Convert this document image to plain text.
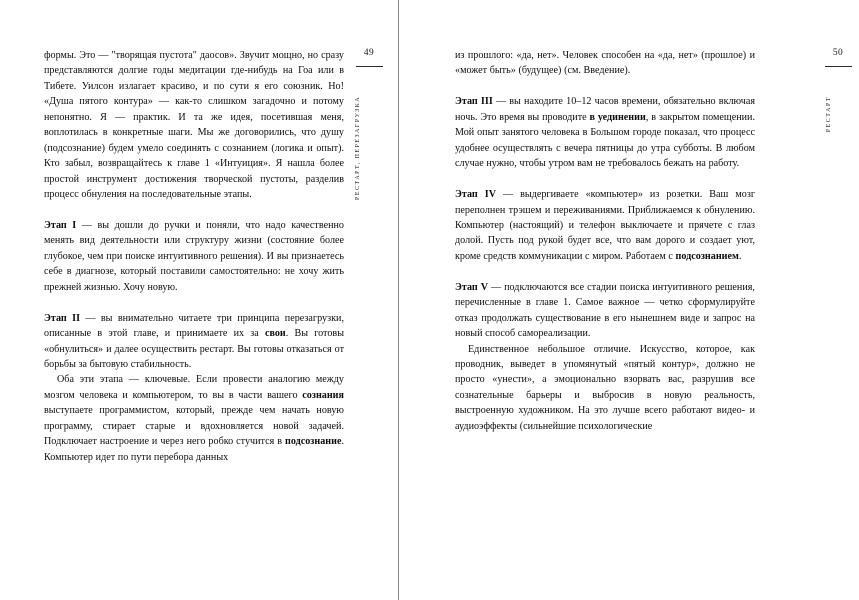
49
РЕСТАРТ, ПЕРЕЗАГРУЗКА

формы. Это — "творящая пустота" даосов». Звучит мощно, но сразу представляются долгие годы медитации где-нибудь на Гоа или в Тибете. Уилсон излагает красиво, и по сути я его союзник. Но! «Душа пятого контура» — как-то слишком загадочно и потому непонятно. Я — практик. И та же идея, посетившая меня, воплотилась в конкретные шаги. Мы же договорились, что душу (подсознание) будем умело соединять с сознанием (логика и опыт). Кто забыл, возвращайтесь к главе 1 «Интуиция». Я нашла более простой инструмент достижения творческой пустоты, разделив процесс обнуления на последовательные этапы.

Этап I — вы дошли до ручки и поняли, что надо качественно менять вид деятельности или структуру жизни (состояние более глубокое, чем при поиске интуитивного решения). И вы признаетесь себе в диагнозе, который поставили самостоятельно: не хочу жить прежней жизнью. Хочу новую.

Этап II — вы внимательно читаете три принципа перезагрузки, описанные в этой главе, и принимаете их за свои. Вы готовы «обнулиться» и далее осуществить рестарт. Вы готовы отказаться от борьбы за бытовую стабильность.

Оба эти этапа — ключевые. Если провести аналогию между мозгом человека и компьютером, то вы в части вашего сознания выступаете программистом, который, прежде чем начать новую программу, стирает старые и вдохновляется новой задачей. Подключает настроение и через него робко стучится в подсознание. Компьютер идет по пути перебора данных

50
РЕСТАРТ

из прошлого: «да, нет». Человек способен на «да, нет» (прошлое) и «может быть» (будущее) (см. Введение).

Этап III — вы находите 10–12 часов времени, обязательно включая ночь. Это время вы проводите в уединении, в закрытом помещении. Мой опыт занятого человека в Большом городе показал, что процесс удобнее осуществлять с вечера пятницы до утра субботы. В любом случае нужно, чтобы утром вам не требовалось бежать на работу.

Этап IV — выдергиваете «компьютер» из розетки. Ваш мозг переполнен трэшем и переживаниями. Приближаемся к обнулению. Компьютер (настоящий) и телефон выключаете и прячете с глаз долой. Пусть под рукой будет все, что вам дорого и создает уют, кроме средств коммуникации с миром. Работаем с подсознанием.

Этап V — подключаются все стадии поиска интуитивного решения, перечисленные в главе 1. Самое важное — четко сформулируйте отказ продолжать существование в его нынешнем виде и запрос на новый способ самореализации.

Единственное небольшое отличие. Искусство, которое, как проводник, выведет в упомянутый «пятый контур», должно не просто «унести», а эмоционально взорвать вас, разрушив все сознательные барьеры и выбросив в новую реальность, выстроенную художником. На это лучше всего работают видео- и аудиоэффекты (сильнейшие психологические
